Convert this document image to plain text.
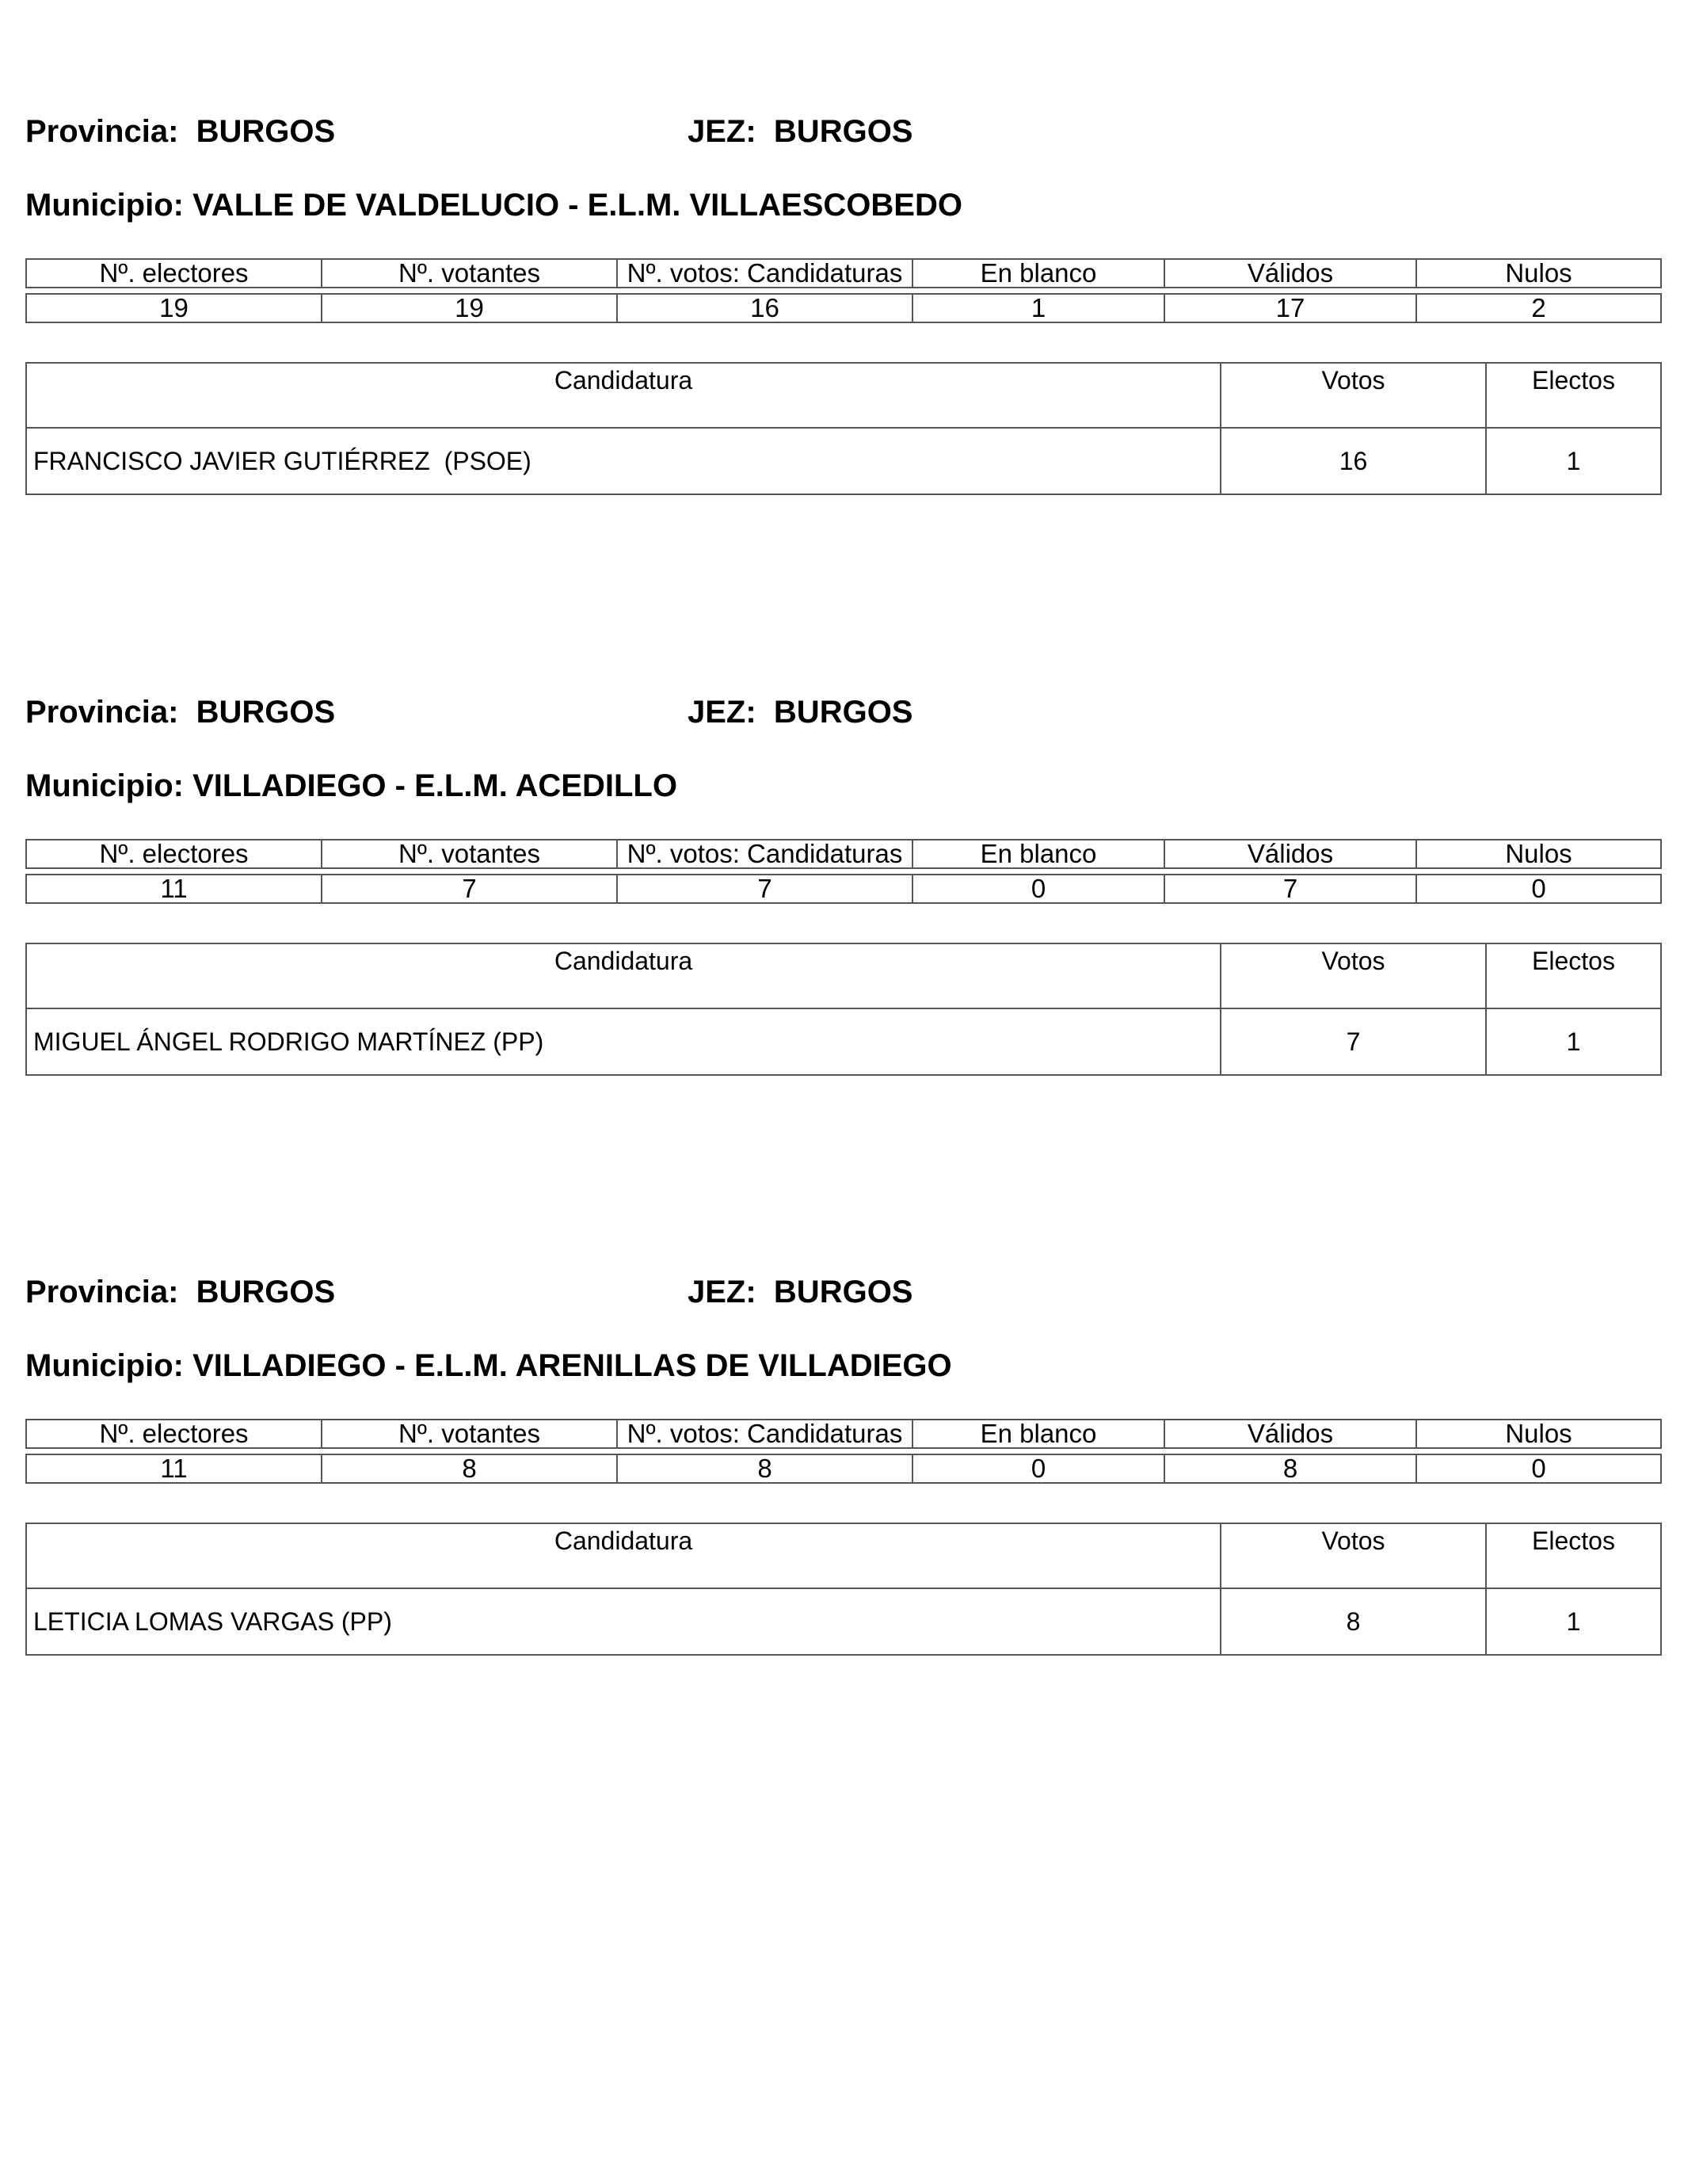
Provincia: BURGOS	JEZ: BURGOS
Municipio: VALLE DE VALDELUCIO - E.L.M. VILLAESCOBEDO
Nº. electores	Nº. votantes	Nº. votos: Candidaturas	En blanco	Válidos	Nulos
19	19	16	1	17	2
Candidatura	Votos	Electos
FRANCISCO JAVIER GUTIÉRREZ  (PSOE)	16	1
Provincia: BURGOS	JEZ: BURGOS
Municipio: VILLADIEGO - E.L.M. ACEDILLO
Nº. electores	Nº. votantes	Nº. votos: Candidaturas	En blanco	Válidos	Nulos
11	7	7	0	7	0
Candidatura	Votos	Electos
MIGUEL ÁNGEL RODRIGO MARTÍNEZ (PP)	7	1
Provincia: BURGOS	JEZ: BURGOS
Municipio: VILLADIEGO - E.L.M. ARENILLAS DE VILLADIEGO
Nº. electores	Nº. votantes	Nº. votos: Candidaturas	En blanco	Válidos	Nulos
11	8	8	0	8	0
Candidatura	Votos	Electos
LETICIA LOMAS VARGAS (PP)	8	1
